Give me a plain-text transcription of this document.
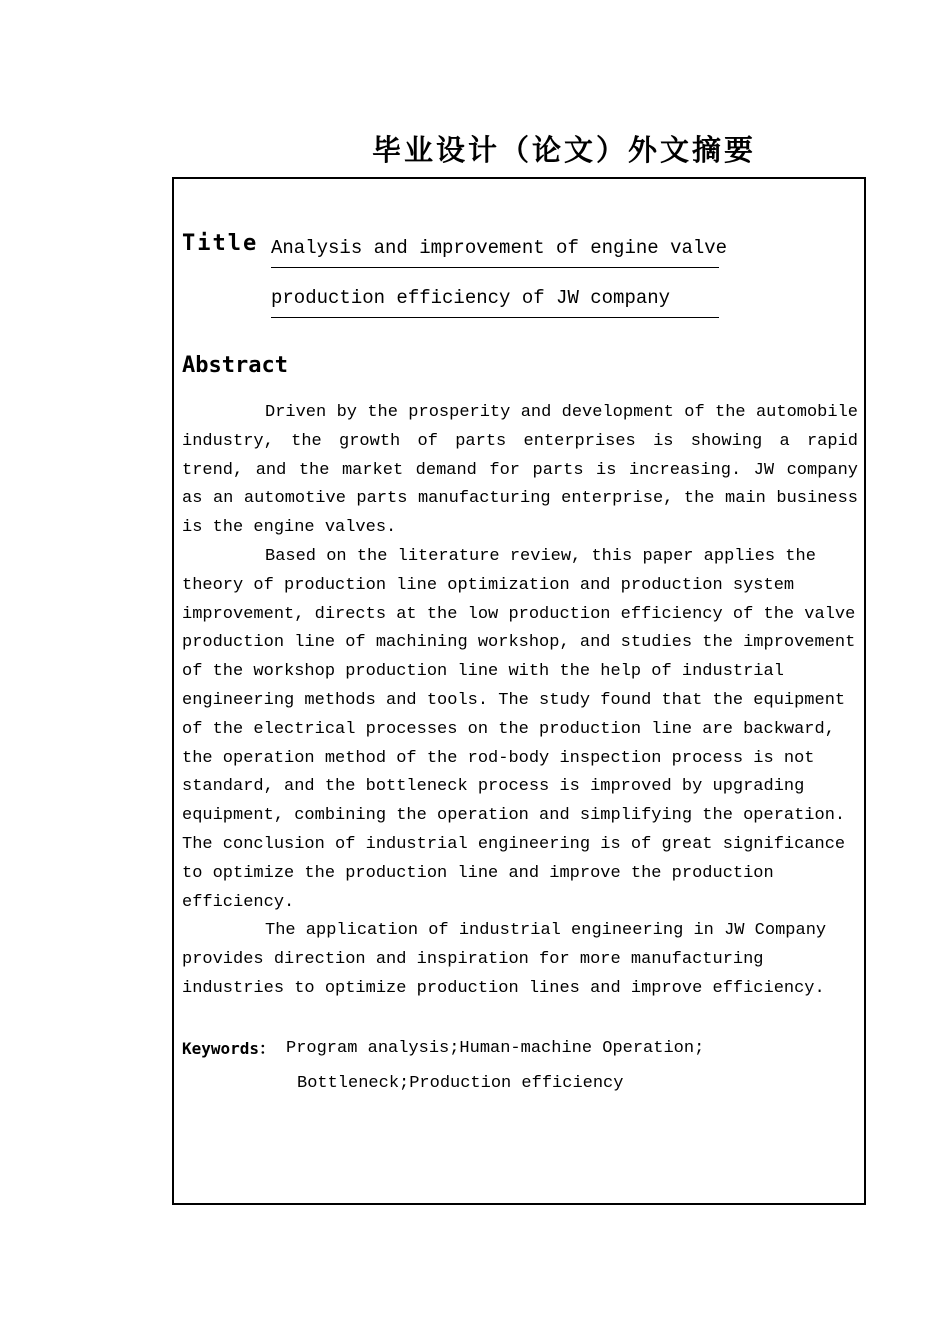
毕业设计（论文）外文摘要
Title Analysis and improvement of engine valve
production efficiency of JW company
Abstract

Driven by the prosperity and development of the automobile industry, the growth of parts enterprises is showing a rapid trend, and the market demand for parts is increasing. JW company as an automotive parts manufacturing enterprise, the main business is the engine valves.

Based on the literature review, this paper applies the theory of production line optimization and production system improvement, directs at the low production efficiency of the valve production line of machining workshop, and studies the improvement of the workshop production line with the help of industrial engineering methods and tools. The study found that the equipment of the electrical processes on the production line are backward, the operation method of the rod-body inspection process is not standard, and the bottleneck process is improved by upgrading equipment, combining the operation and simplifying the operation. The conclusion of industrial engineering is of great significance to optimize the production line and improve the production efficiency.

The application of industrial engineering in JW Company provides direction and inspiration for more manufacturing industries to optimize production lines and improve efficiency.

Keywords： Program analysis;Human-machine Operation;
Bottleneck;Production efficiency
